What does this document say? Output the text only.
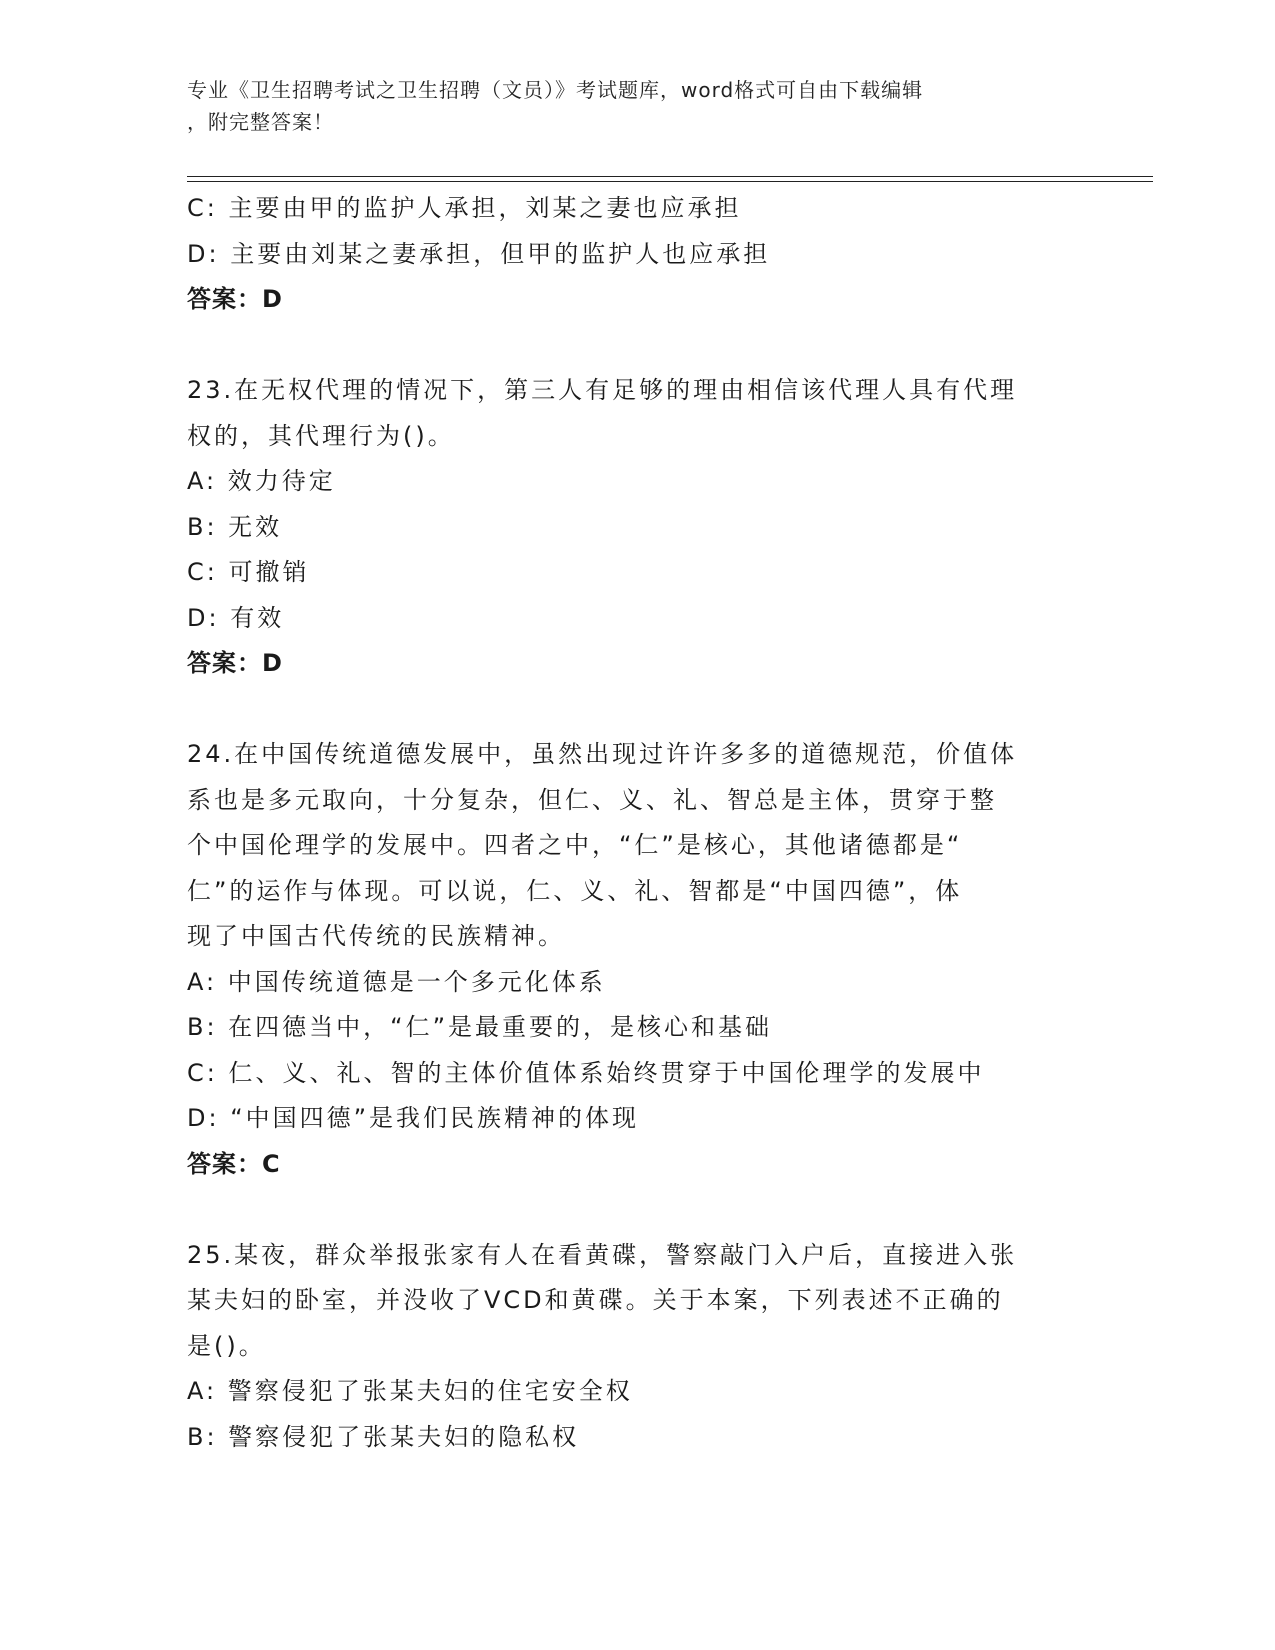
专业《卫生招聘考试之卫生招聘（文员）》考试题库，word格式可自由下载编辑
，附完整答案！
C: 主要由甲的监护人承担，刘某之妻也应承担
D: 主要由刘某之妻承担，但甲的监护人也应承担
答案：D
23.在无权代理的情况下，第三人有足够的理由相信该代理人具有代理
权的，其代理行为()。
A: 效力待定
B: 无效
C: 可撤销
D: 有效
答案：D
24.在中国传统道德发展中，虽然出现过许许多多的道德规范，价值体
系也是多元取向，十分复杂，但仁、义、礼、智总是主体，贯穿于整
个中国伦理学的发展中。四者之中，“仁”是核心，其他诸德都是“
仁”的运作与体现。可以说，仁、义、礼、智都是“中国四德”，体
现了中国古代传统的民族精神。
A: 中国传统道德是一个多元化体系
B: 在四德当中，“仁”是最重要的，是核心和基础
C: 仁、义、礼、智的主体价值体系始终贯穿于中国伦理学的发展中
D: “中国四德”是我们民族精神的体现
答案：C
25.某夜，群众举报张家有人在看黄碟，警察敲门入户后，直接进入张
某夫妇的卧室，并没收了VCD和黄碟。关于本案，下列表述不正确的
是()。
A: 警察侵犯了张某夫妇的住宅安全权
B: 警察侵犯了张某夫妇的隐私权
